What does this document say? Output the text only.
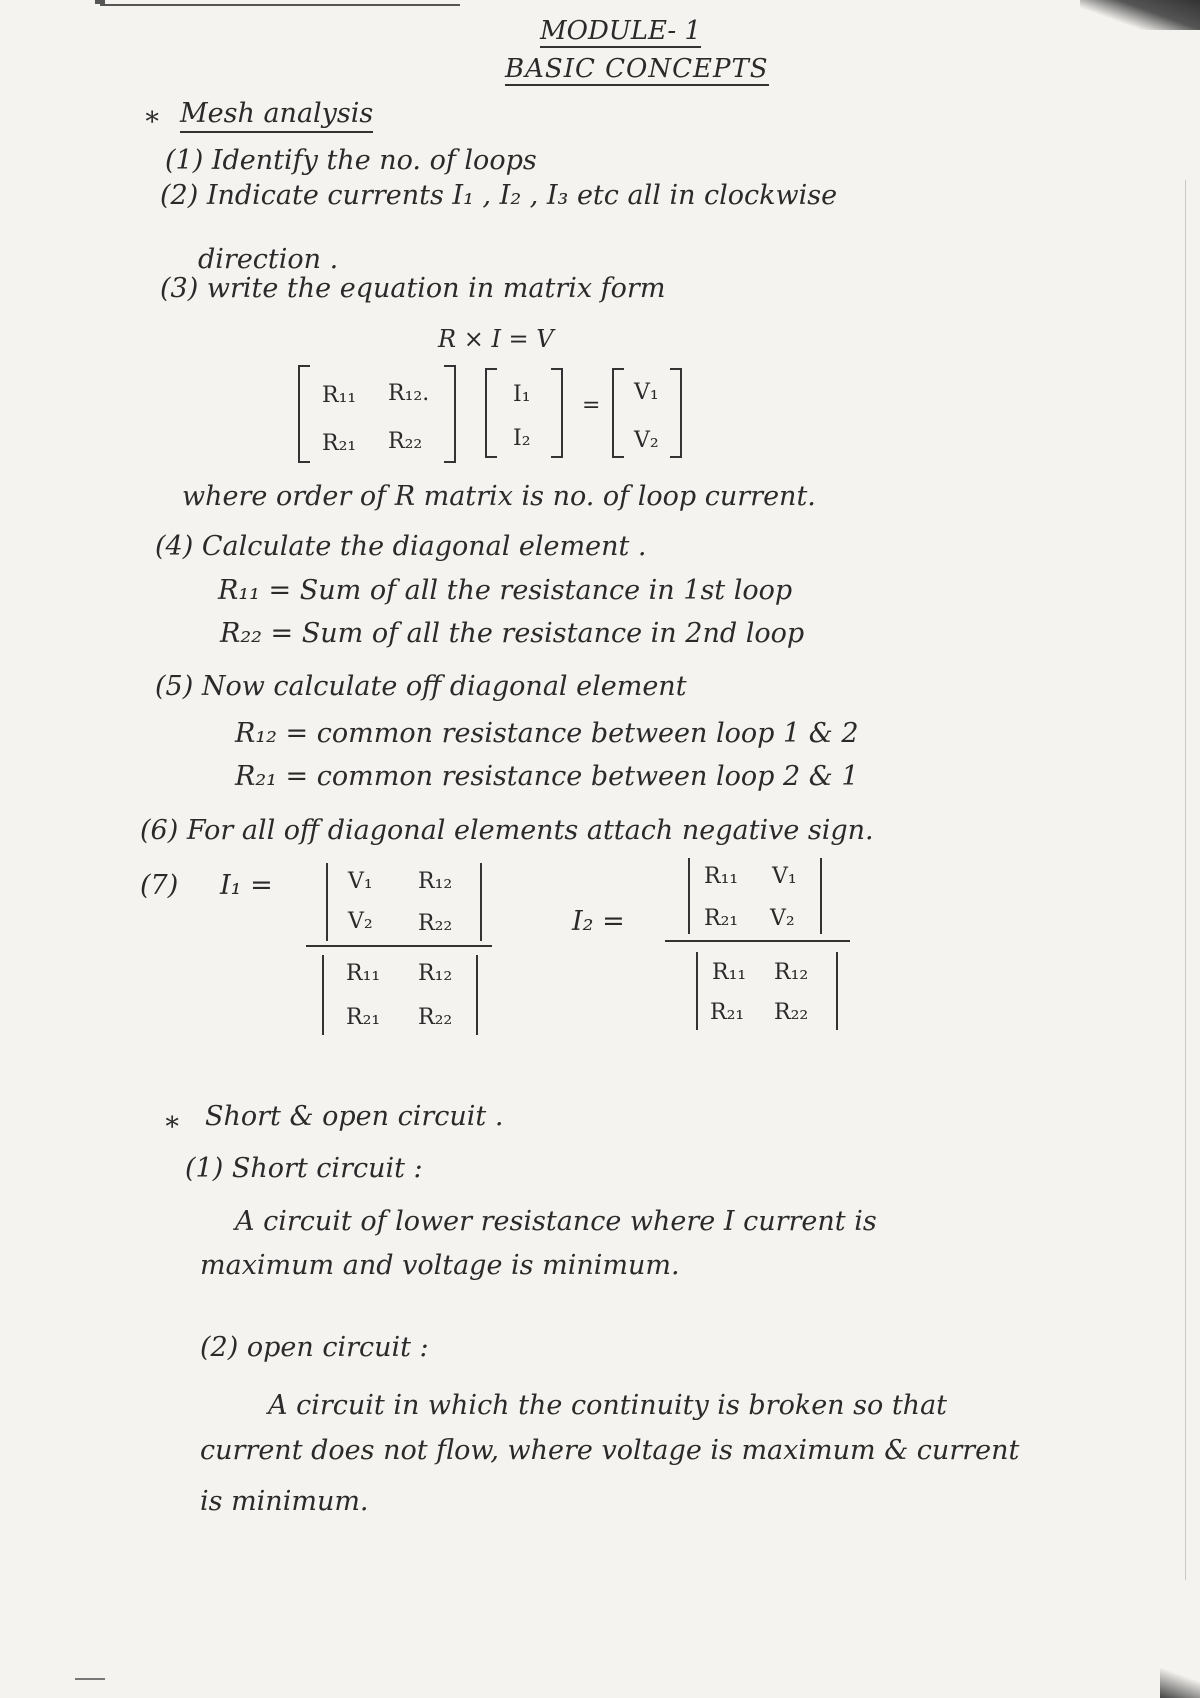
MODULE- 1
BASIC CONCEPTS
∗ Mesh analysis
(1) Identify the no. of loops
(2) Indicate currents I₁ , I₂ , I₃ etc all in clockwise
direction .
(3) write the equation in matrix form
R × I = V
R₁₁ R₁₂.
R₂₁ R₂₂
I₁
I₂
=
V₁
V₂
where order of R matrix is no. of loop current.
(4) Calculate the diagonal element .
R₁₁ = Sum of all the resistance in 1st loop
R₂₂ = Sum of all the resistance in 2nd loop
(5) Now calculate off diagonal element
R₁₂ = common resistance between loop 1 & 2
R₂₁ = common resistance between loop 2 & 1
(6) For all off diagonal elements attach negative sign.
(7) I₁ =	V₁ R₁₂
V₂ R₂₂
R₁₁ R₁₂
R₂₁ R₂₂
I₂ =
R₁₁ V₁
R₂₁ V₂
R₁₁ R₁₂
R₂₁ R₂₂
∗ Short & open circuit .
(1) Short circuit :
A circuit of lower resistance where I current is
maximum and voltage is minimum.
(2) open circuit :
A circuit in which the continuity is broken so that
current does not flow, where voltage is maximum & current
is minimum.
